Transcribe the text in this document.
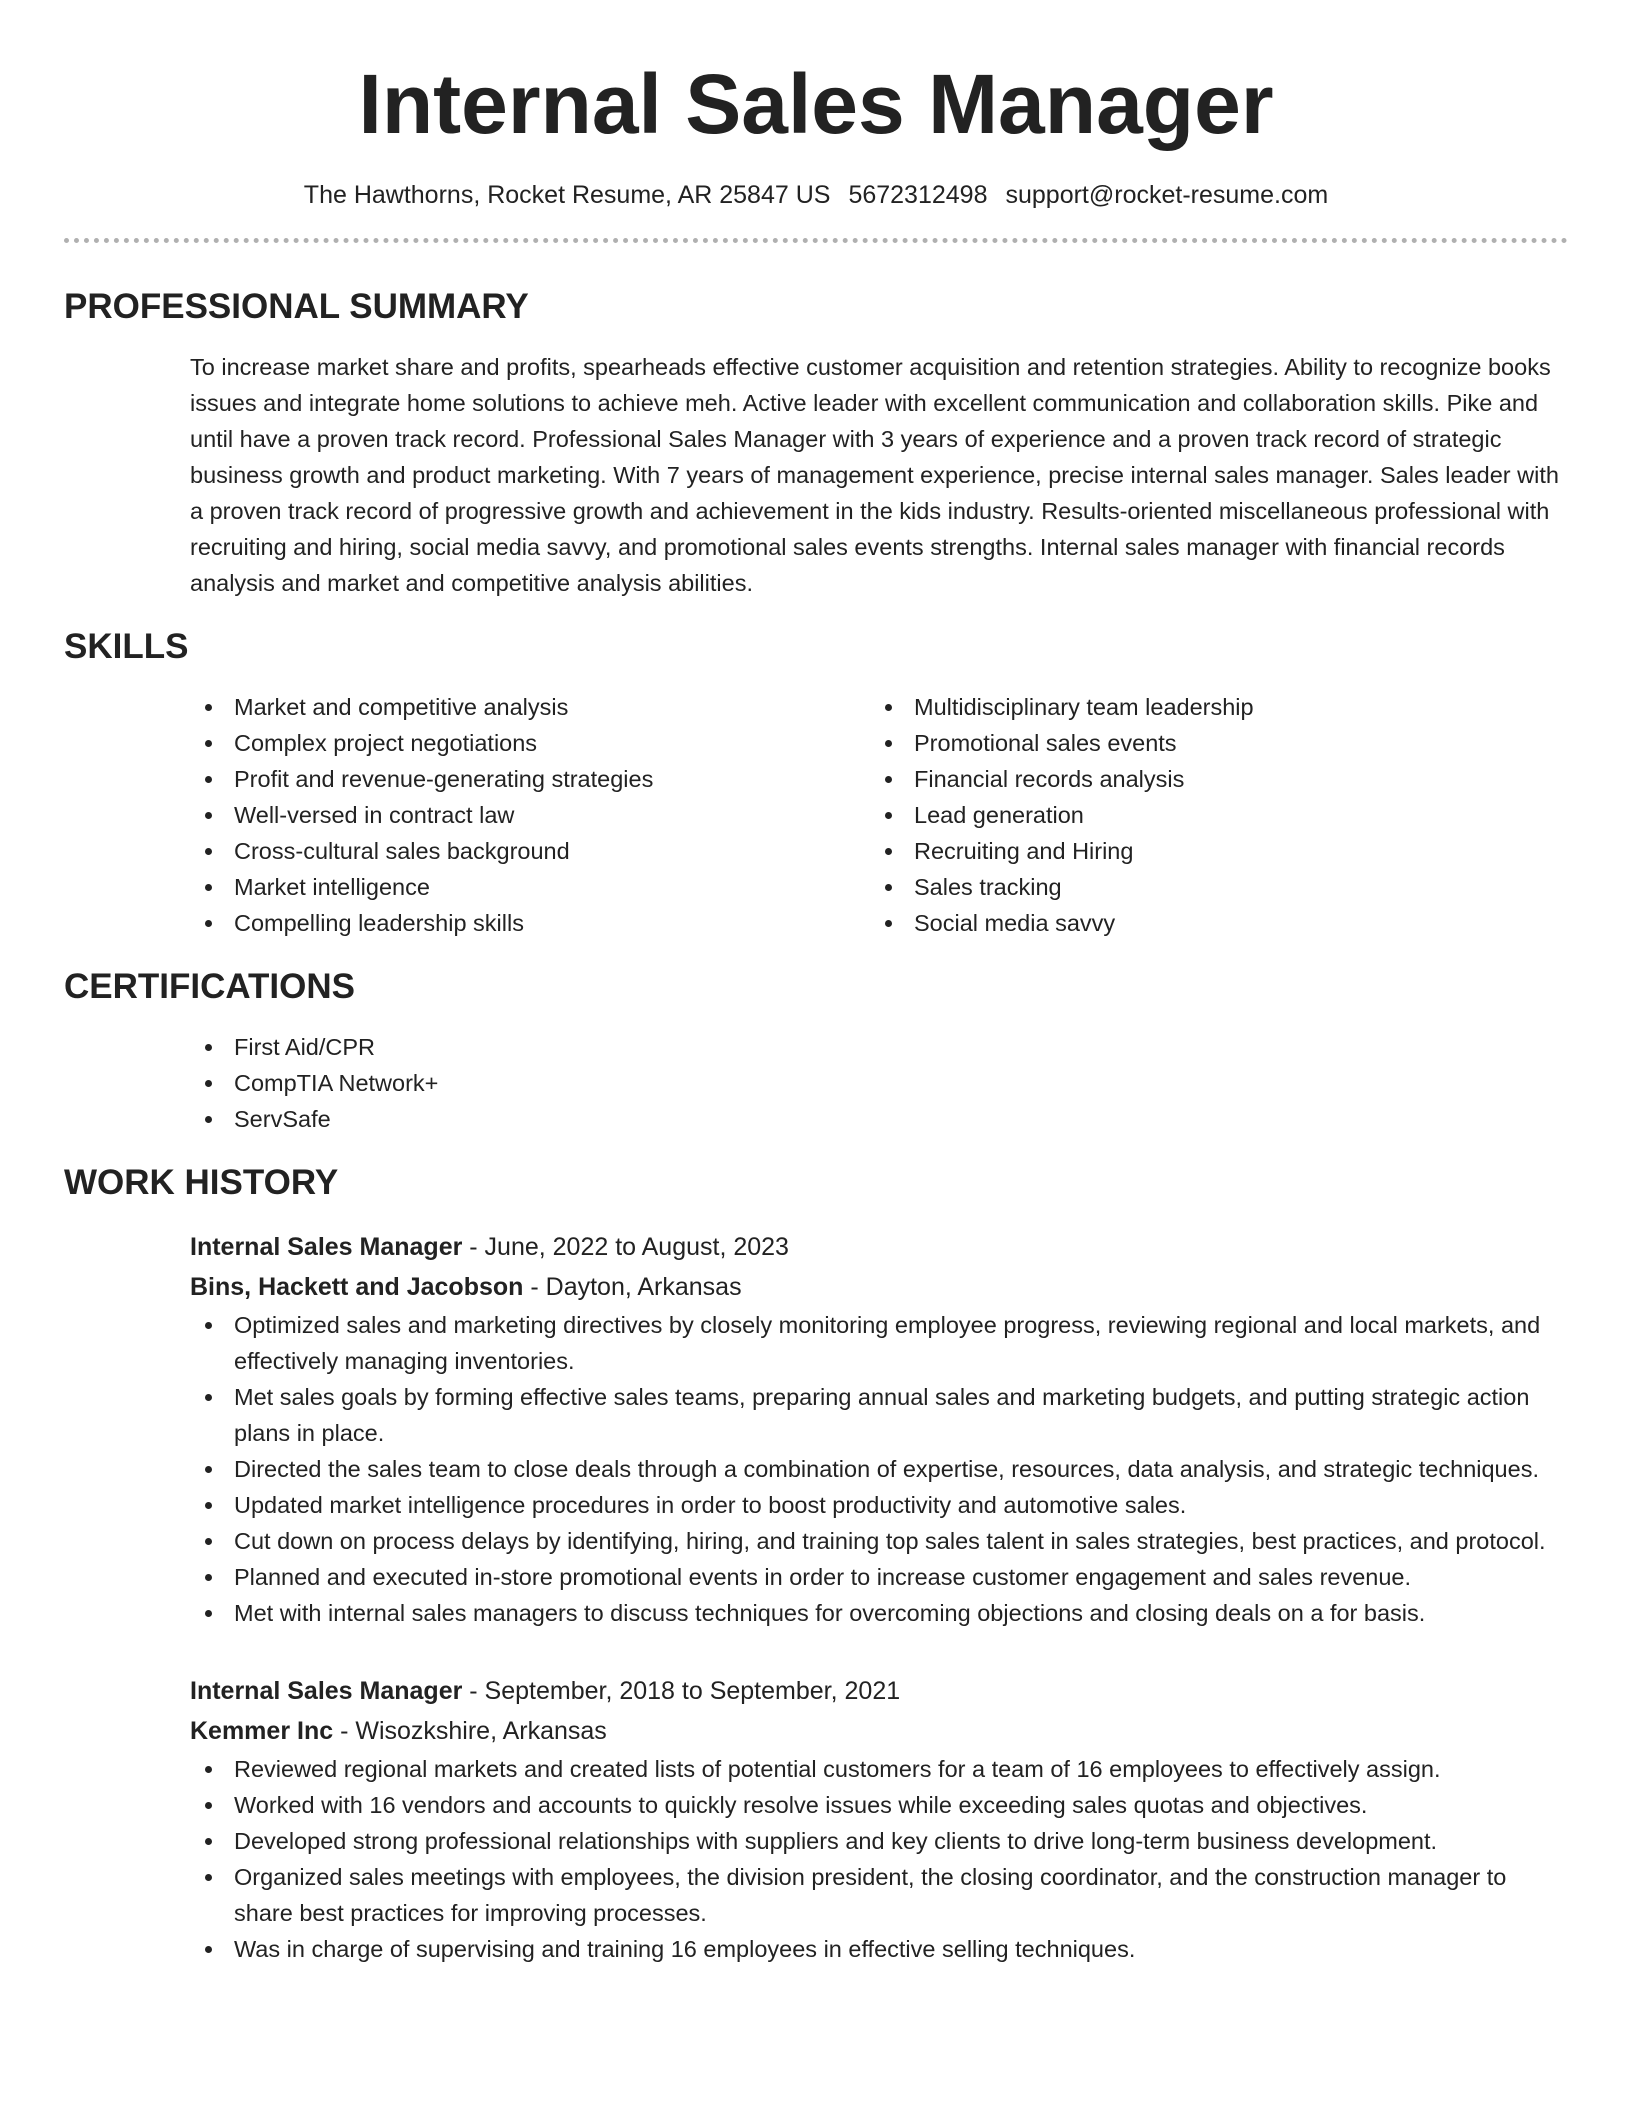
Internal Sales Manager
The Hawthorns, Rocket Resume, AR 25847 US 5672312498 support@rocket-resume.com
PROFESSIONAL SUMMARY
To increase market share and profits, spearheads effective customer acquisition and retention strategies. Ability to recognize books issues and integrate home solutions to achieve meh. Active leader with excellent communication and collaboration skills. Pike and until have a proven track record. Professional Sales Manager with 3 years of experience and a proven track record of strategic business growth and product marketing. With 7 years of management experience, precise internal sales manager. Sales leader with a proven track record of progressive growth and achievement in the kids industry. Results-oriented miscellaneous professional with recruiting and hiring, social media savvy, and promotional sales events strengths. Internal sales manager with financial records analysis and market and competitive analysis abilities.
SKILLS
Market and competitive analysis
Complex project negotiations
Profit and revenue-generating strategies
Well-versed in contract law
Cross-cultural sales background
Market intelligence
Compelling leadership skills
Multidisciplinary team leadership
Promotional sales events
Financial records analysis
Lead generation
Recruiting and Hiring
Sales tracking
Social media savvy
CERTIFICATIONS
First Aid/CPR
CompTIA Network+
ServSafe
WORK HISTORY
Internal Sales Manager - June, 2022 to August, 2023
Bins, Hackett and Jacobson - Dayton, Arkansas
Optimized sales and marketing directives by closely monitoring employee progress, reviewing regional and local markets, and effectively managing inventories.
Met sales goals by forming effective sales teams, preparing annual sales and marketing budgets, and putting strategic action plans in place.
Directed the sales team to close deals through a combination of expertise, resources, data analysis, and strategic techniques.
Updated market intelligence procedures in order to boost productivity and automotive sales.
Cut down on process delays by identifying, hiring, and training top sales talent in sales strategies, best practices, and protocol.
Planned and executed in-store promotional events in order to increase customer engagement and sales revenue.
Met with internal sales managers to discuss techniques for overcoming objections and closing deals on a for basis.
Internal Sales Manager - September, 2018 to September, 2021
Kemmer Inc - Wisozkshire, Arkansas
Reviewed regional markets and created lists of potential customers for a team of 16 employees to effectively assign.
Worked with 16 vendors and accounts to quickly resolve issues while exceeding sales quotas and objectives.
Developed strong professional relationships with suppliers and key clients to drive long-term business development.
Organized sales meetings with employees, the division president, the closing coordinator, and the construction manager to share best practices for improving processes.
Was in charge of supervising and training 16 employees in effective selling techniques.
